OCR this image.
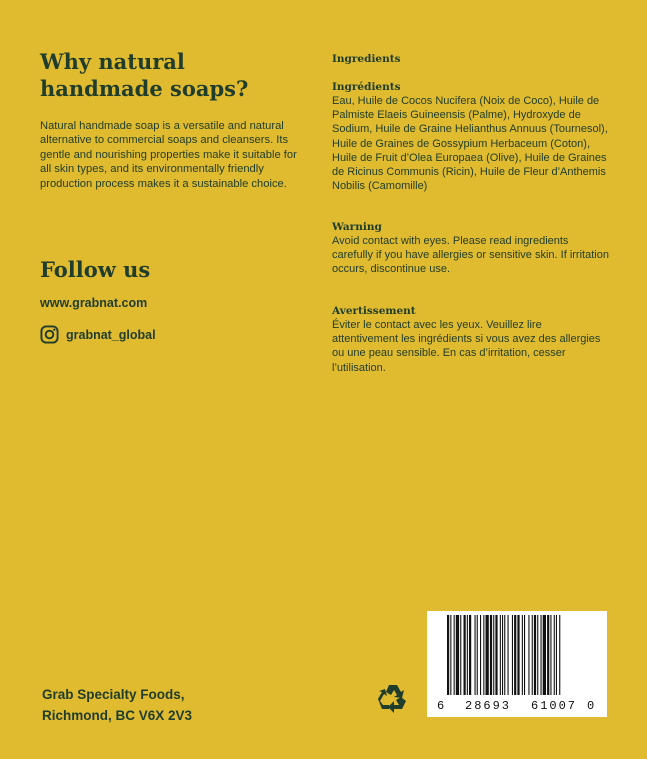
Why natural
handmade soaps?

Natural handmade soap is a versatile and natural alternative to commercial soaps and cleansers. Its gentle and nourishing properties make it suitable for all skin types, and its environmentally friendly production process makes it a sustainable choice.

Follow us

www.grabnat.com

grabnat_global

Ingredients

Ingrédients

Eau, Huile de Cocos Nucifera (Noix de Coco), Huile de Palmiste Elaeis Guineensis (Palme), Hydroxyde de Sodium, Huile de Graine Helianthus Annuus (Tournesol), Huile de Graines de Gossypium Herbaceum (Coton), Huile de Fruit d’Olea Europaea (Olive), Huile de Graines de Ricinus Communis (Ricin), Huile de Fleur d’Anthemis Nobilis (Camomille)

Warning

Avoid contact with eyes. Please read ingredients carefully if you have allergies or sensitive skin. If irritation occurs, discontinue use.

Avertissement

Éviter le contact avec les yeux. Veuillez lire attentivement les ingrédients si vous avez des allergies ou une peau sensible. En cas d’irritation, cesser l’utilisation.

Grab Specialty Foods,
Richmond, BC V6X 2V3

6 28693 61007 0
